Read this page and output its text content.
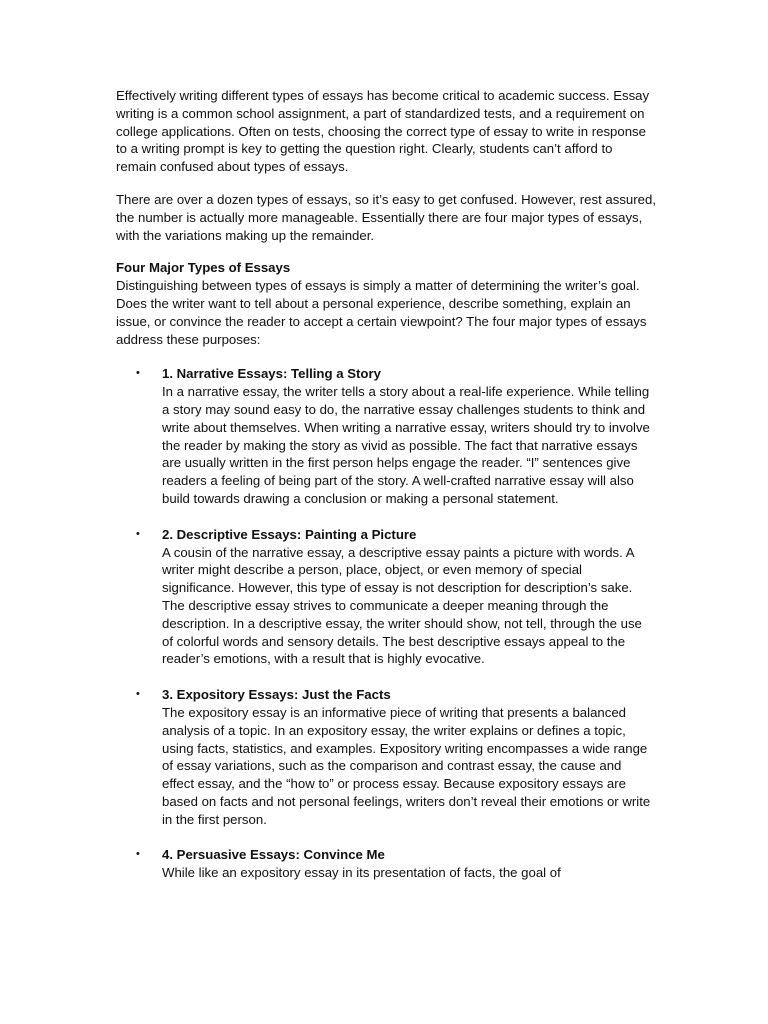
Effectively writing different types of essays has become critical to academic success. Essay writing is a common school assignment, a part of standardized tests, and a requirement on college applications. Often on tests, choosing the correct type of essay to write in response to a writing prompt is key to getting the question right. Clearly, students can’t afford to remain confused about types of essays.

There are over a dozen types of essays, so it’s easy to get confused. However, rest assured, the number is actually more manageable. Essentially there are four major types of essays, with the variations making up the remainder.

Four Major Types of Essays
Distinguishing between types of essays is simply a matter of determining the writer’s goal. Does the writer want to tell about a personal experience, describe something, explain an issue, or convince the reader to accept a certain viewpoint? The four major types of essays address these purposes:
• 1. Narrative Essays: Telling a Story
In a narrative essay, the writer tells a story about a real-life experience. While telling a story may sound easy to do, the narrative essay challenges students to think and write about themselves. When writing a narrative essay, writers should try to involve the reader by making the story as vivid as possible. The fact that narrative essays are usually written in the first person helps engage the reader. “I” sentences give readers a feeling of being part of the story. A well-crafted narrative essay will also build towards drawing a conclusion or making a personal statement.
• 2. Descriptive Essays: Painting a Picture
A cousin of the narrative essay, a descriptive essay paints a picture with words. A writer might describe a person, place, object, or even memory of special significance. However, this type of essay is not description for description’s sake. The descriptive essay strives to communicate a deeper meaning through the description. In a descriptive essay, the writer should show, not tell, through the use of colorful words and sensory details. The best descriptive essays appeal to the reader’s emotions, with a result that is highly evocative.
• 3. Expository Essays: Just the Facts
The expository essay is an informative piece of writing that presents a balanced analysis of a topic. In an expository essay, the writer explains or defines a topic, using facts, statistics, and examples. Expository writing encompasses a wide range of essay variations, such as the comparison and contrast essay, the cause and effect essay, and the “how to” or process essay. Because expository essays are based on facts and not personal feelings, writers don’t reveal their emotions or write in the first person.
• 4. Persuasive Essays: Convince Me
While like an expository essay in its presentation of facts, the goal of
